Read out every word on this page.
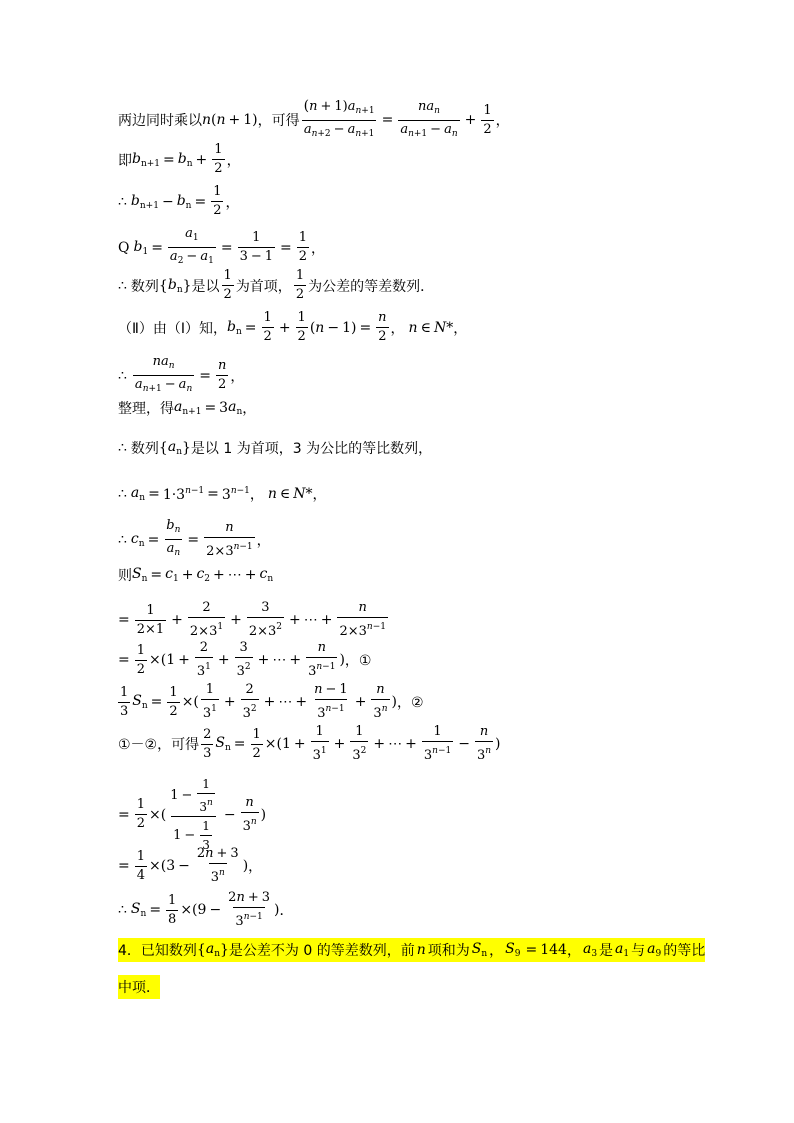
两边同时乘以 n ( n + 1) ，可得 $\frac{(n + 1)a_{n+1}}{a_{n+2} - a_{n+1}} = \frac{na_n}{a_{n+1} - a_n} + \frac{1}{2}$ ，
即 $b_{n+1} = b_n + \frac{1}{2}$ ，
∴ $b_{n+1} - b_n = \frac{1}{2}$ ，
Q $b_1 = \frac{a_1}{a_2 - a_1} = \frac{1}{3 - 1} = \frac{1}{2}$ ，
∴ 数列 { $b_n$ } 是以 $\frac{1}{2}$ 为首项， $\frac{1}{2}$ 为公差的等差数列．
（Ⅱ）由（Ⅰ）知， $b_n = \frac{1}{2} + \frac{1}{2}$ ( $n - 1) = \frac{n}{2}$ ， n ∈ N * ，
∴ $\frac{na_n}{a_{n+1} - a_n} = \frac{n}{2}$ ，
整理，得 $a_{n+1} = 3$ $a_n$ ，
∴ 数列 { $a_n$ } 是以 1 为首项，3 为公比的等比数列，
∴ $a_n = 1\cdot 3^{n-1} = 3^{n-1}$ ， n ∈ N * ，
∴ $c_n = \frac{b_n}{a_n} = \frac{n}{2\times 3^{n-1}}$ ，
则 $S_n = c_1 + c_2$ + ⋯ + $c_n$
= $\frac{1}{2\times 1} + \frac{2}{2\times 3^1} + \frac{3}{2\times 3^2}$ + ⋯ + $\frac{n}{2\times 3^{n-1}}$
= $\frac{1}{2} \times(1 + \frac{2}{3^1} + \frac{3}{3^2}$ + ⋯ + $\frac{n}{3^{n-1}}$ ) ，①
$\frac{1}{3} S_n = \frac{1}{2}$ ×( $\frac{1}{3^1} + \frac{2}{3^2}$ + ⋯ + $\frac{n - 1}{3^{n-1}} + \frac{n}{3^n}$ ) ，②
①－②，可得 $\frac{2}{3} S_n = \frac{1}{2} \times(1 + \frac{1}{3^1} + \frac{1}{3^2}$ + ⋯ + $\frac{1}{3^{n-1}} - \frac{n}{3^n}$ )
= $\frac{1}{2}$ ×( $\frac{1 - \frac{1}{3^n}}{1 - \frac{1}{3}} - \frac{n}{3^n}$ )
= $\frac{1}{4} \times(3 - \frac{2n + 3}{3^n}$ ) ，
∴ $S_n = \frac{1}{8} \times(9 - \frac{2n + 3}{3^{n-1}}$ ) ．
4．已知数列 { $a_n$ } 是公差不为 0 的等差数列，前 n 项和为 $S_n$ ， $S_9 = 144$ ， $a_3$ 是 $a_1$ 与 $a_9$ 的等比
中项．
